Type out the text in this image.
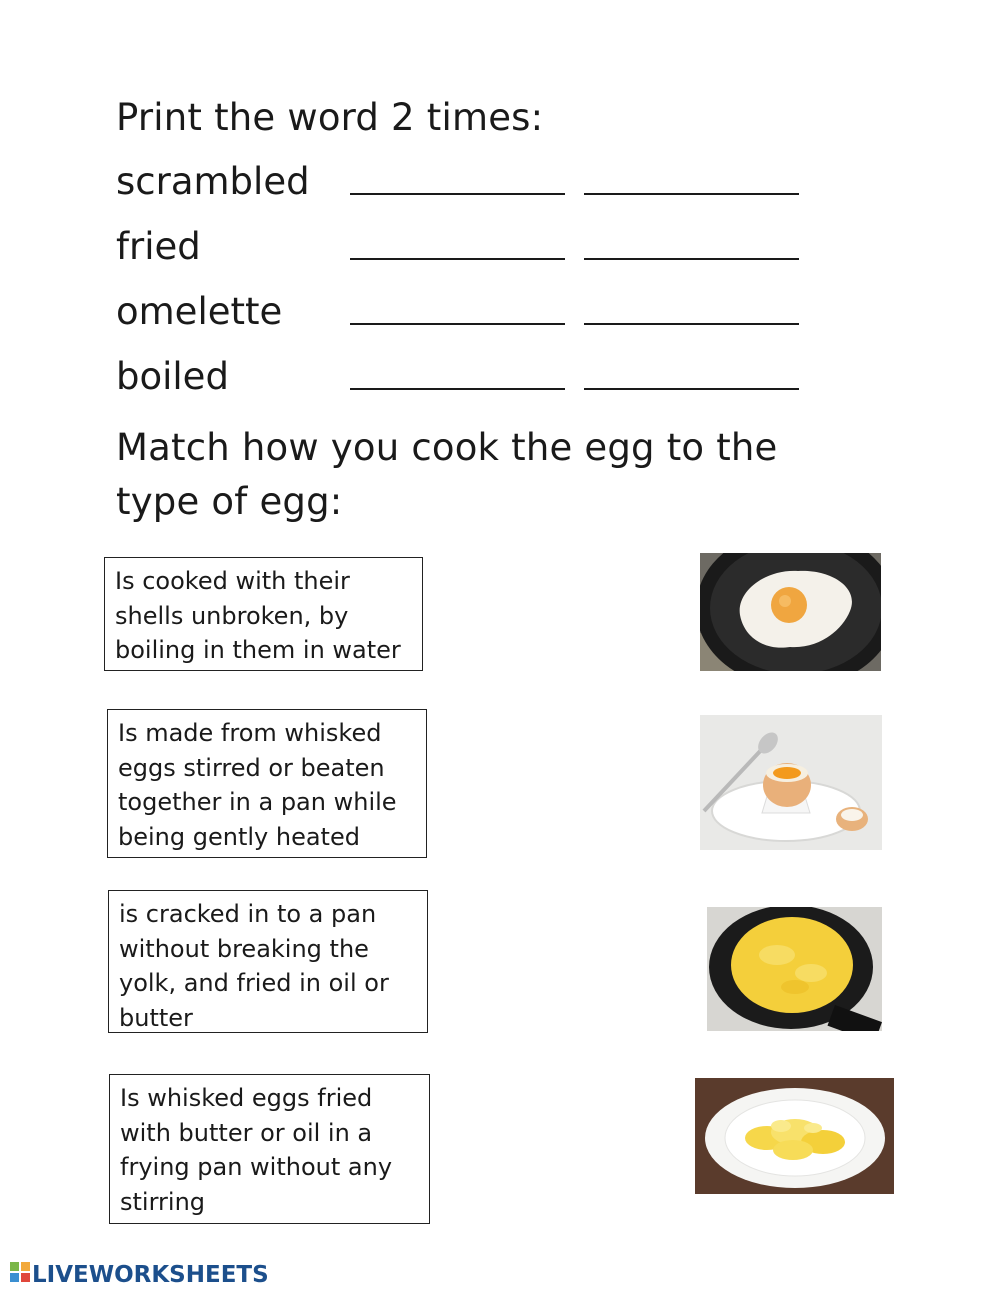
Print the word 2 times:
scrambled
fried
omelette
boiled
Match how you cook the egg to the
type of egg:
Is cooked with their
shells unbroken, by
boiling in them in water
Is made from whisked
eggs stirred or beaten
together in a pan while
being gently heated
is cracked in to a pan
without breaking the
yolk, and fried in oil or
butter
Is whisked eggs fried
with butter or oil in a
frying pan without any
stirring
LIVEWORKSHEETS
